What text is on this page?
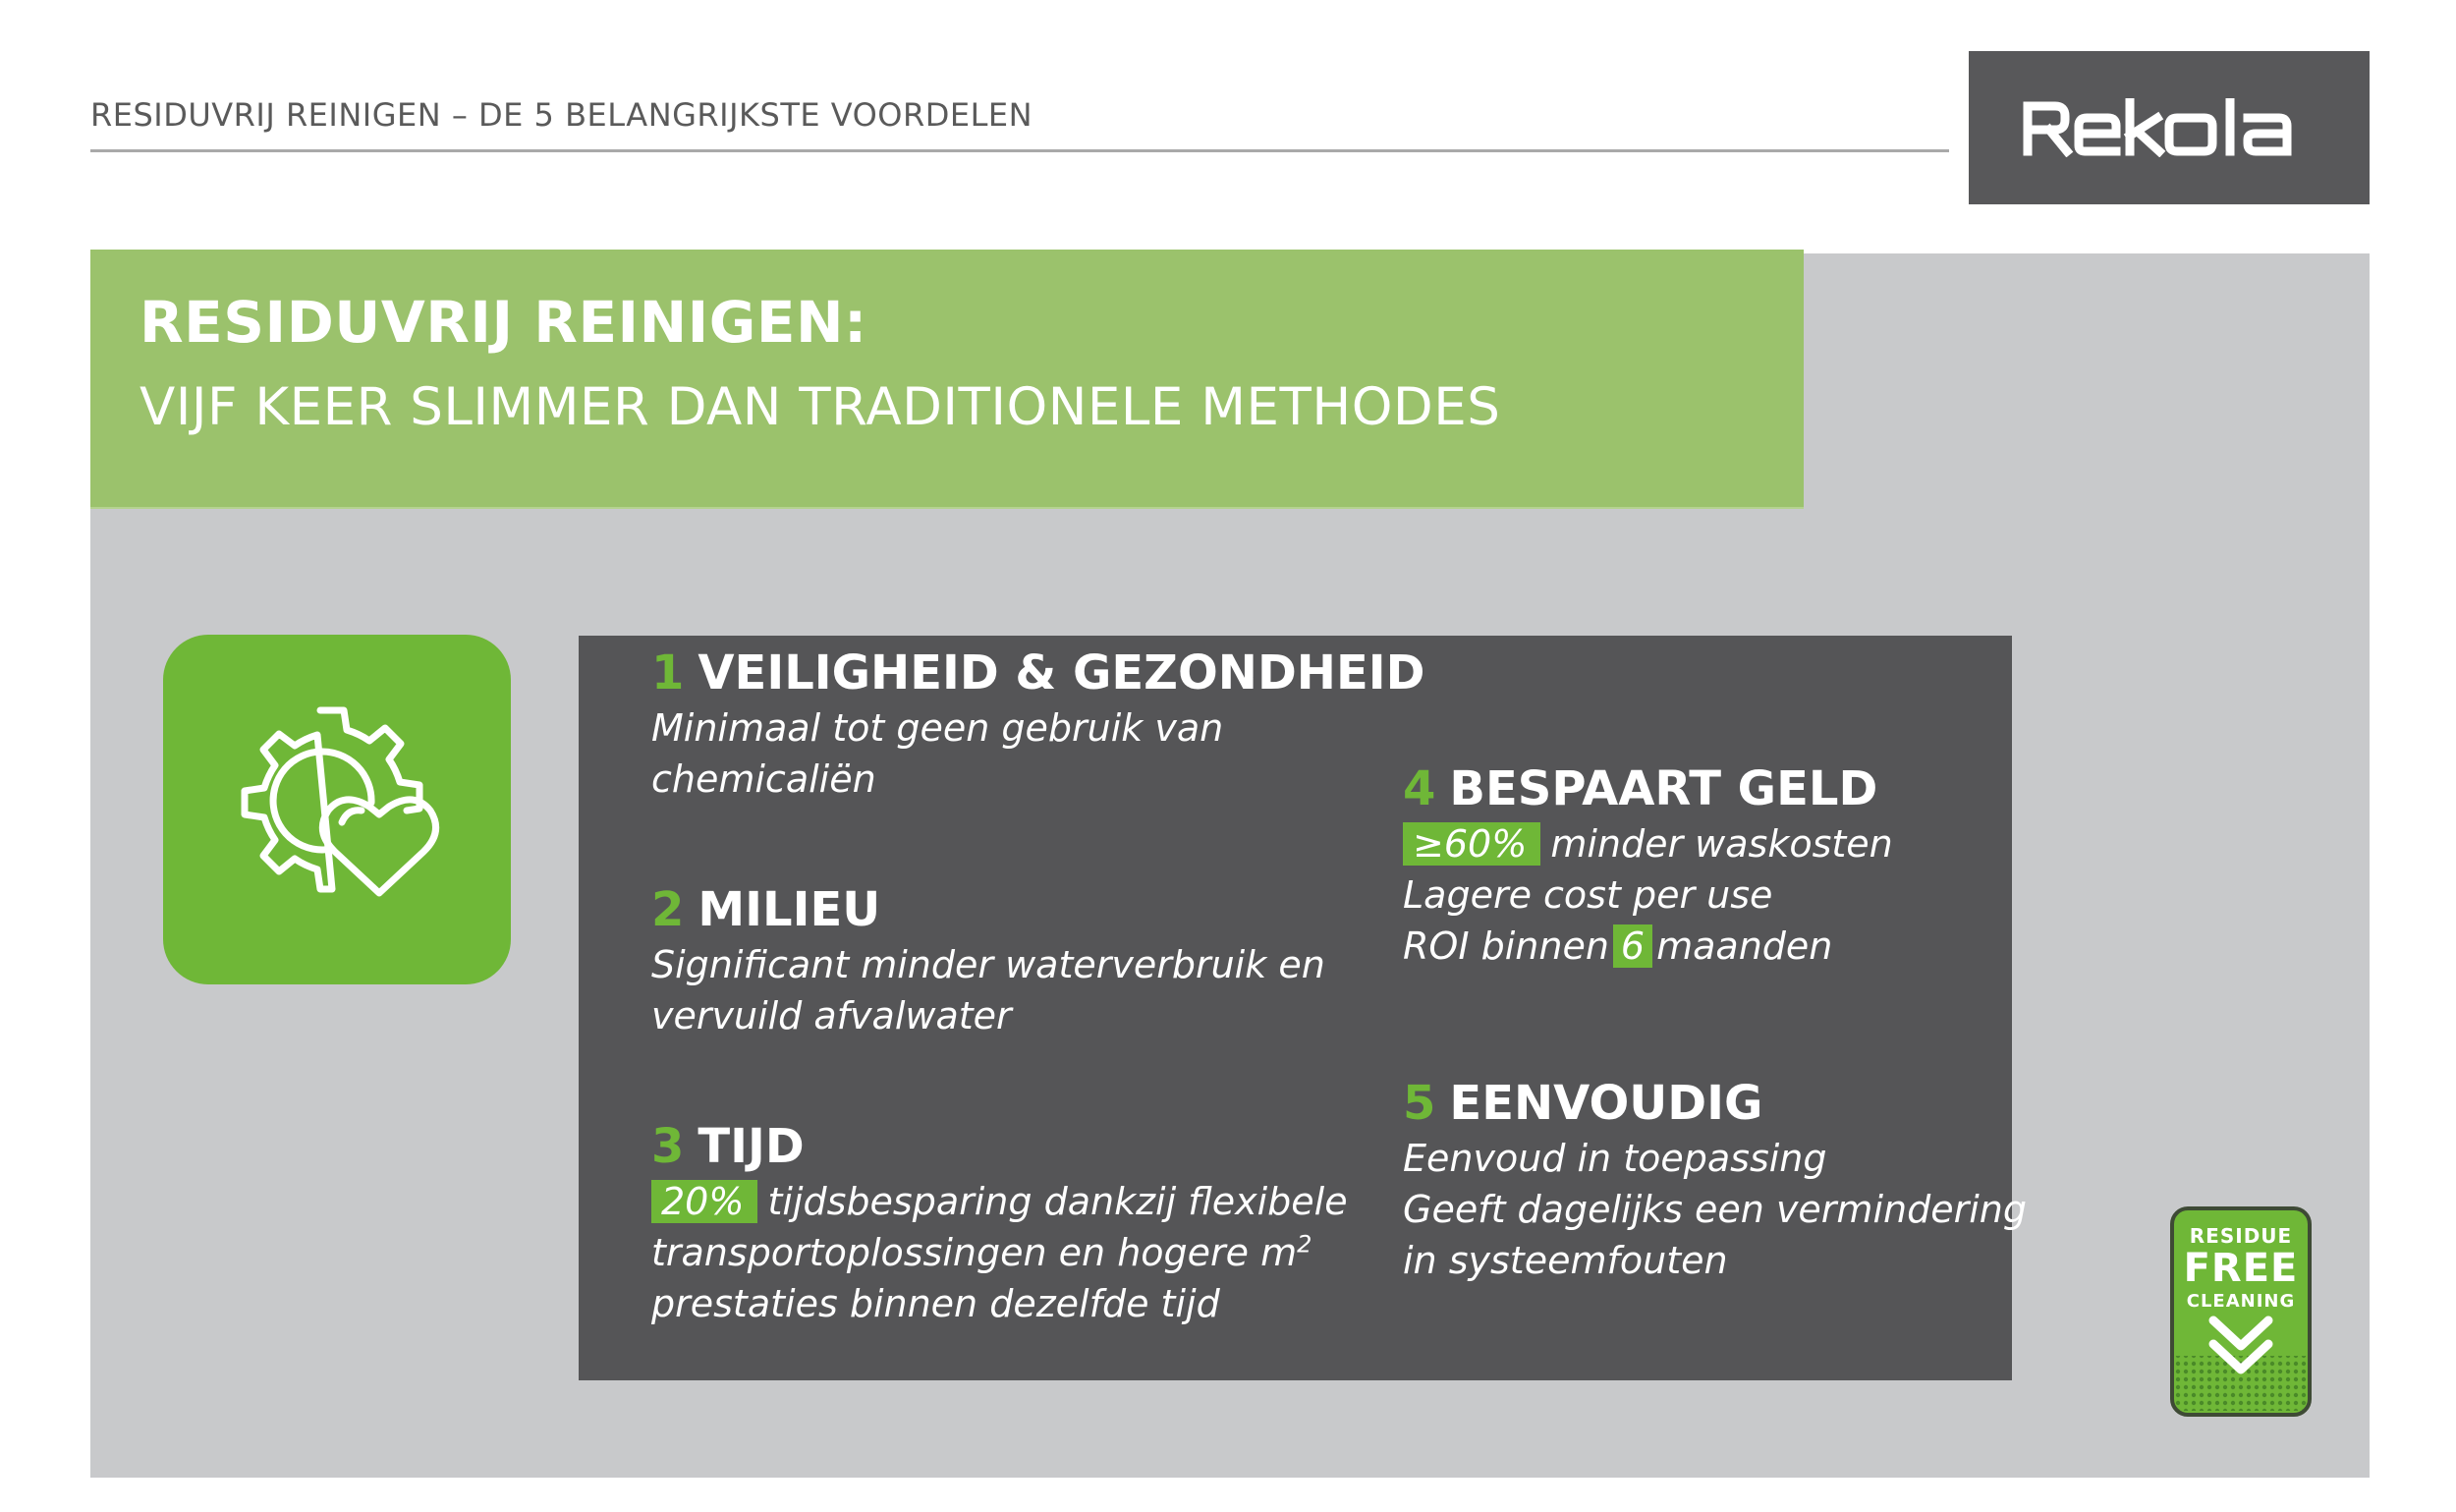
RESIDUVRIJ REINIGEN – DE 5 BELANGRIJKSTE VOORDELEN
RESIDUVRIJ REINIGEN:
VIJF KEER SLIMMER DAN TRADITIONELE METHODES
1 VEILIGHEID & GEZONDHEID
Minimaal tot geen gebruik van
chemicaliën
2 MILIEU
Significant minder waterverbruik en
vervuild afvalwater
3 TIJD
20% tijdsbesparing dankzij flexibele
transportoplossingen en hogere $m^2$
prestaties binnen dezelfde tijd
4 BESPAART GELD
≥60% minder waskosten
Lagere cost per use
ROI binnen 6 maanden
5 EENVOUDIG
Eenvoud in toepassing
Geeft dagelijks een vermindering
in systeemfouten
RESIDUE
FREE
CLEANING
